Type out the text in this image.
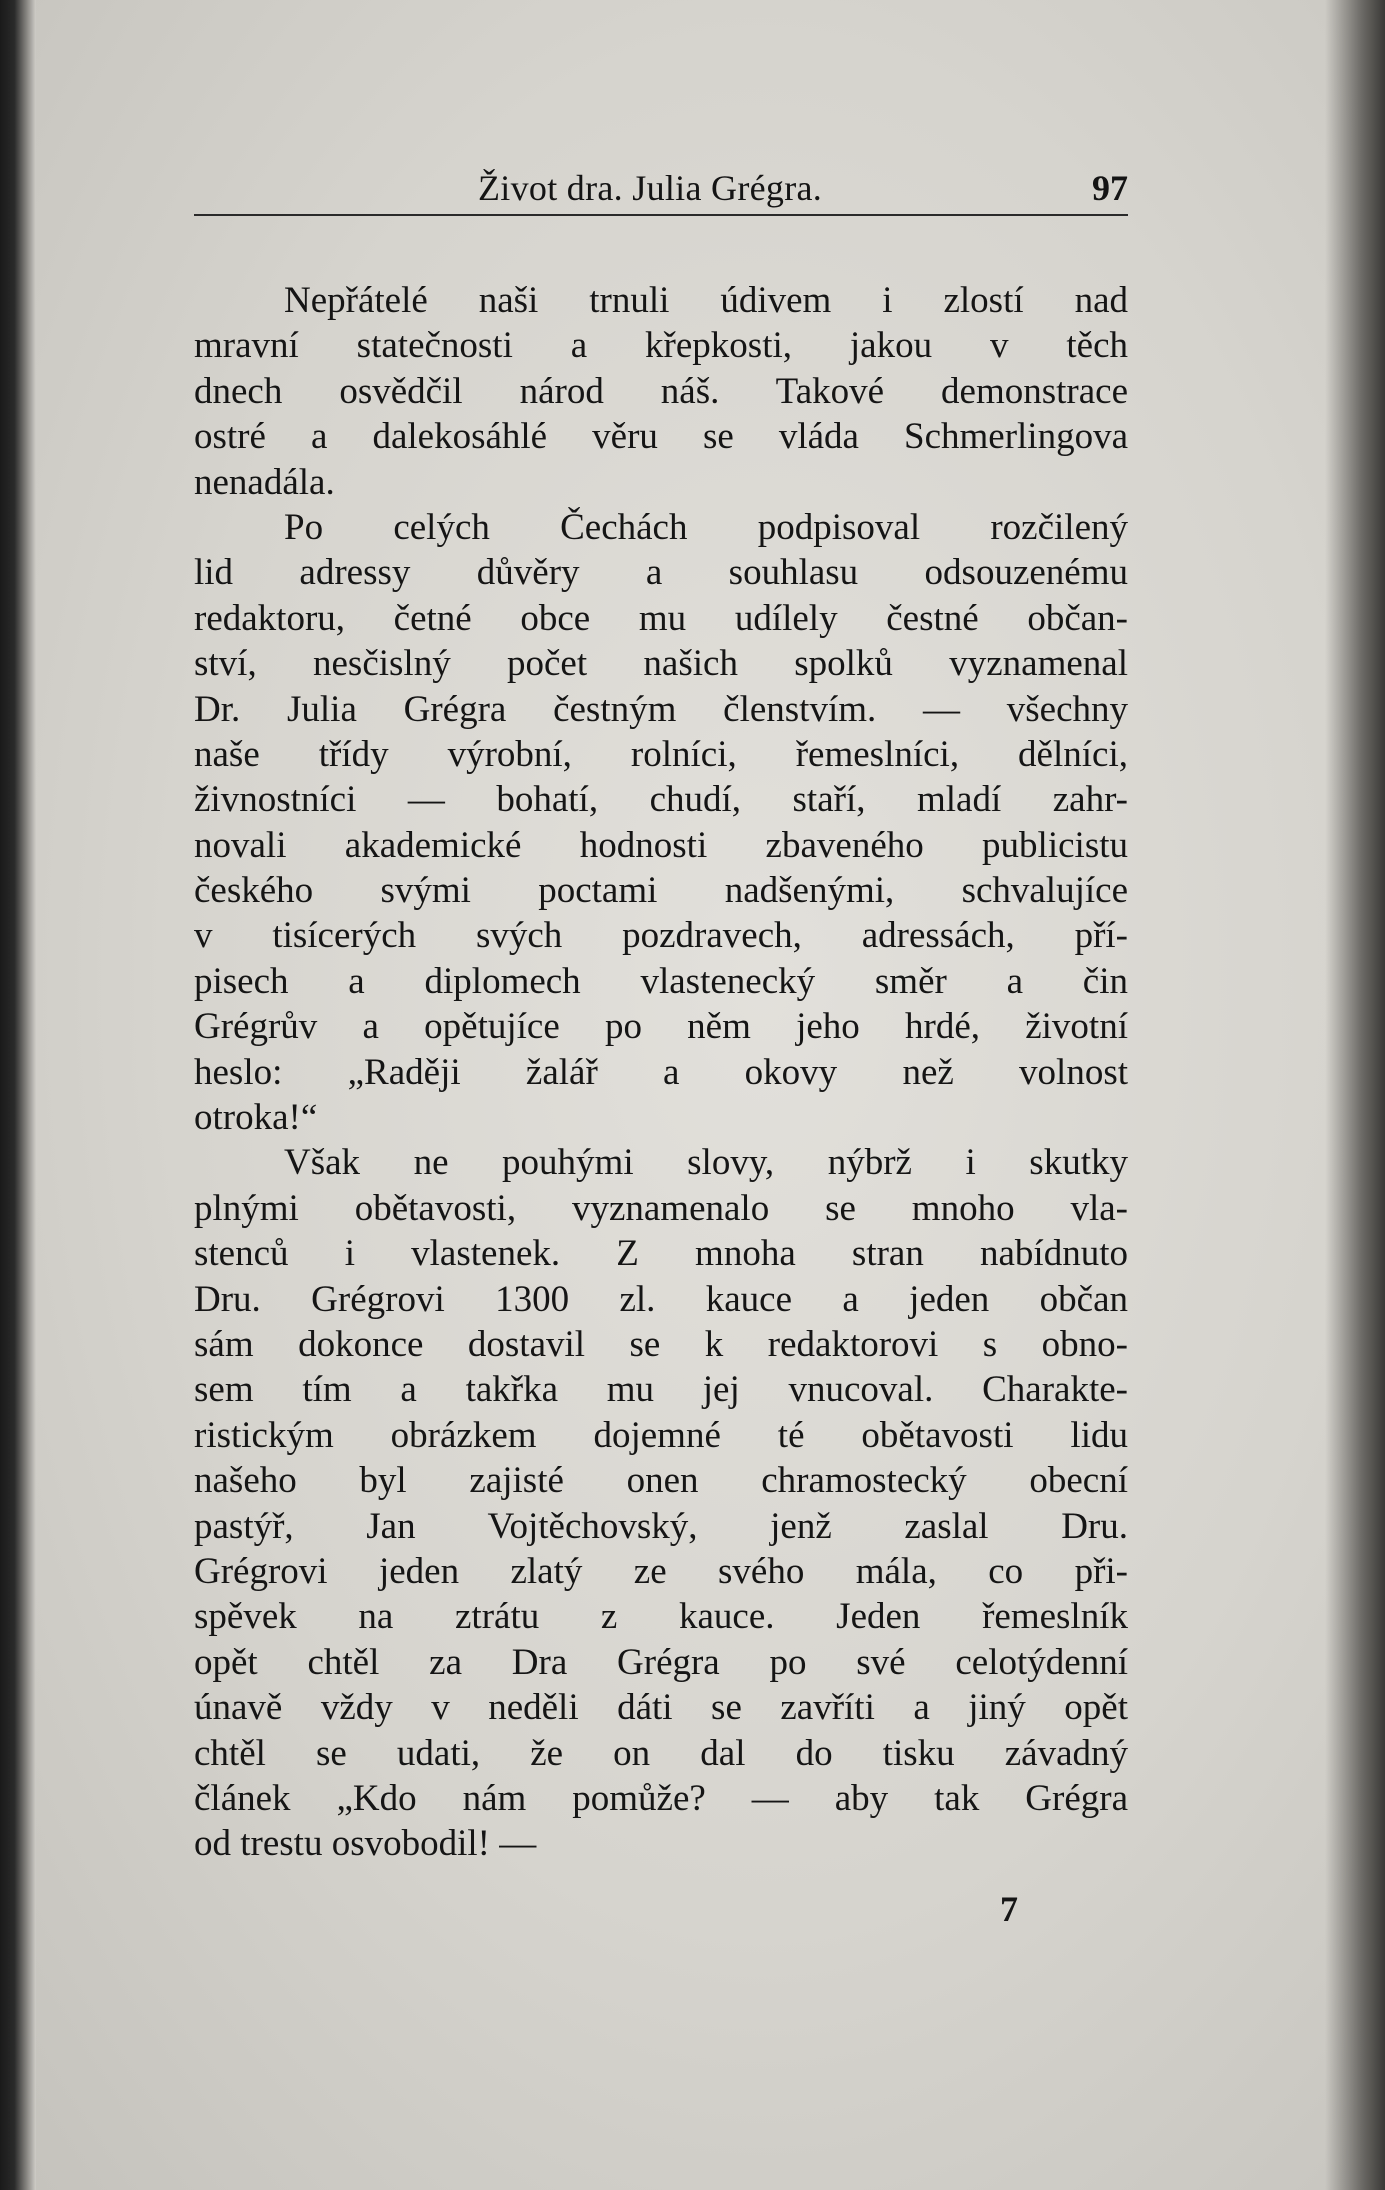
Život dra. Julia Grégra.	97
Nepřátelé naši trnuli údivem i zlostí nad
mravní statečnosti a křepkosti, jakou v těch
dnech osvědčil národ náš. Takové demonstrace
ostré a dalekosáhlé věru se vláda Schmerlingova
nenadála.
Po celých Čechách podpisoval rozčilený
lid adressy důvěry a souhlasu odsouzenému
redaktoru, četné obce mu udílely čestné občan-
ství, nesčislný počet našich spolků vyznamenal
Dr. Julia Grégra čestným členstvím. — všechny
naše třídy výrobní, rolníci, řemeslníci, dělníci,
živnostníci — bohatí, chudí, staří, mladí zahr-
novali akademické hodnosti zbaveného publicistu
českého svými poctami nadšenými, schvalujíce
v tisícerých svých pozdravech, adressách, pří-
pisech a diplomech vlastenecký směr a čin
Grégrův a opětujíce po něm jeho hrdé, životní
heslo: „Raději žalář a okovy než volnost
otroka!“
Však ne pouhými slovy, nýbrž i skutky
plnými obětavosti, vyznamenalo se mnoho vla-
stenců i vlastenek. Z mnoha stran nabídnuto
Dru. Grégrovi 1300 zl. kauce a jeden občan
sám dokonce dostavil se k redaktorovi s obno-
sem tím a takřka mu jej vnucoval. Charakte-
ristickým obrázkem dojemné té obětavosti lidu
našeho byl zajisté onen chramostecký obecní
pastýř, Jan Vojtěchovský, jenž zaslal Dru.
Grégrovi jeden zlatý ze svého mála, co při-
spěvek na ztrátu z kauce. Jeden řemeslník
opět chtěl za Dra Grégra po své celotýdenní
únavě vždy v neděli dáti se zavříti a jiný opět
chtěl se udati, že on dal do tisku závadný
článek „Kdo nám pomůže? — aby tak Grégra
od trestu osvobodil! —
7
